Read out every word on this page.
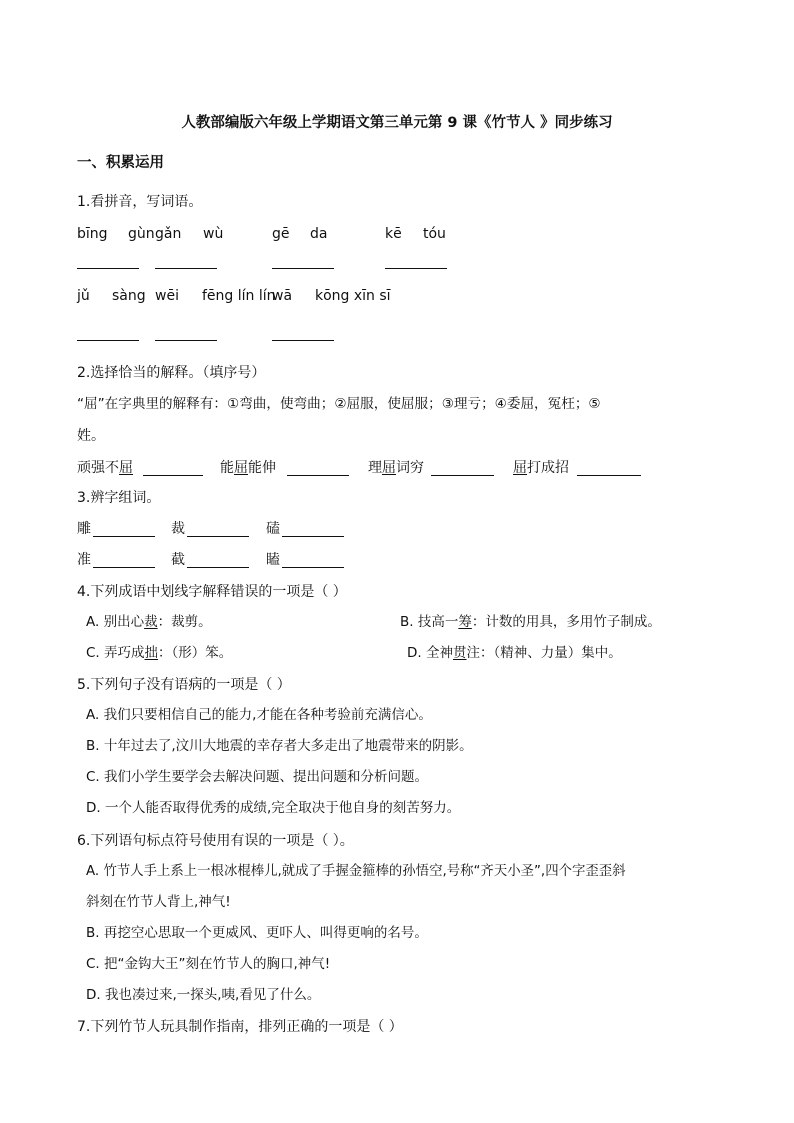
人教部编版六年级上学期语文第三单元第 9 课《竹节人 》同步练习
一、积累运用
1.看拼音，写词语。
bīng gùn gǎn wù	gē da	kē tóu
jǔ sàng wēi fēng lín lín
wā kōng xīn sī
2.选择恰当的解释。（填序号）
“屈”在字典里的解释有：①弯曲，使弯曲；②屈服，使屈服；③理亏；④委屈，冤枉；⑤
姓。
顽强不屈	能屈能伸	理屈词穷	屈打成招
3.辨字组词。
雕	裁	磕
准	截	瞌
4.下列成语中划线字解释错误的一项是（ ）
A. 别出心裁：裁剪。	B. 技高一筹：计数的用具，多用竹子制成。
C. 弄巧成拙：（形）笨。	D. 全神贯注：（精神、力量）集中。
5.下列句子没有语病的一项是（ ）
A. 我们只要相信自己的能力,才能在各种考验前充满信心。
B. 十年过去了,汶川大地震的幸存者大多走出了地震带来的阴影。
C. 我们小学生要学会去解决问题、提出问题和分析问题。
D. 一个人能否取得优秀的成绩,完全取决于他自身的刻苦努力。
6.下列语句标点符号使用有误的一项是（ ）。
A. 竹节人手上系上一根冰棍棒儿,就成了手握金箍棒的孙悟空,号称“齐天小圣”,四个字歪歪斜
斜刻在竹节人背上,神气!
B. 再挖空心思取一个更威风、更吓人、叫得更响的名号。
C. 把“金钩大王”刻在竹节人的胸口,神气!
D. 我也凑过来,一探头,咦,看见了什么。
7.下列竹节人玩具制作指南，排列正确的一项是（ ）
